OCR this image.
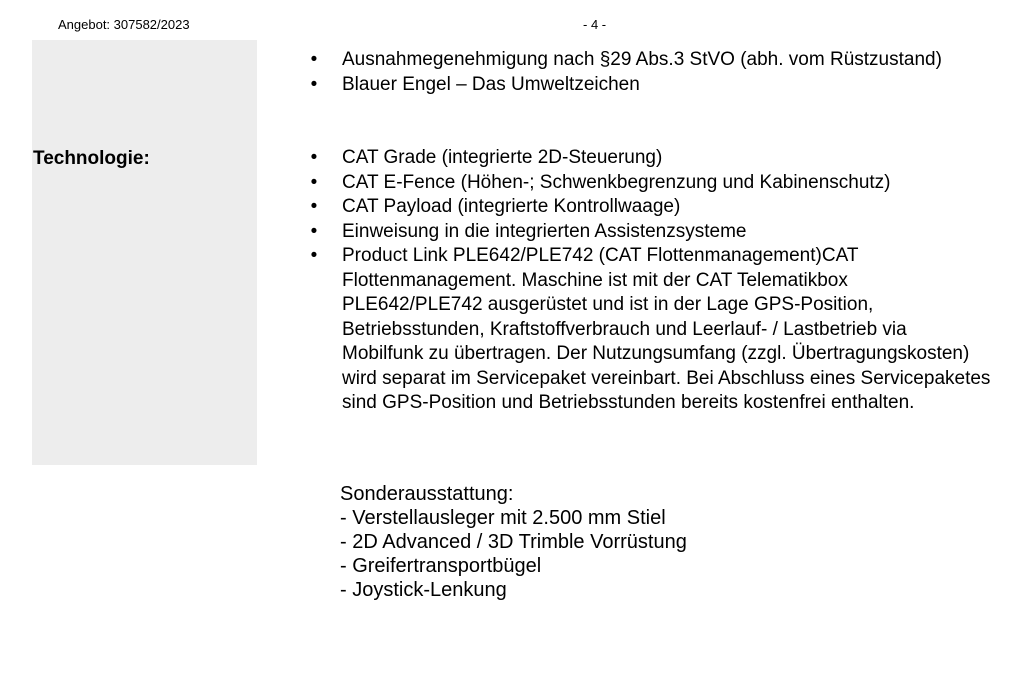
Angebot: 307582/2023	- 4 -
Technologie:
• Ausnahmegenehmigung nach §29 Abs.3 StVO (abh. vom Rüstzustand)
• Blauer Engel – Das Umweltzeichen
• CAT Grade (integrierte 2D-Steuerung)
• CAT E-Fence (Höhen-; Schwenkbegrenzung und Kabinenschutz)
• CAT Payload (integrierte Kontrollwaage)
• Einweisung in die integrierten Assistenzsysteme
• Product Link PLE642/PLE742 (CAT Flottenmanagement)CAT Flottenmanagement. Maschine ist mit der CAT Telematikbox PLE642/PLE742 ausgerüstet und ist in der Lage GPS-Position, Betriebsstunden, Kraftstoffverbrauch und Leerlauf- / Lastbetrieb via Mobilfunk zu übertragen. Der Nutzungsumfang (zzgl. Übertragungskosten) wird separat im Servicepaket vereinbart. Bei Abschluss eines Servicepaketes sind GPS-Position und Betriebsstunden bereits kostenfrei enthalten.
Sonderausstattung:
- Verstellausleger mit 2.500 mm Stiel
- 2D Advanced / 3D Trimble Vorrüstung
- Greifertransportbügel
- Joystick-Lenkung
